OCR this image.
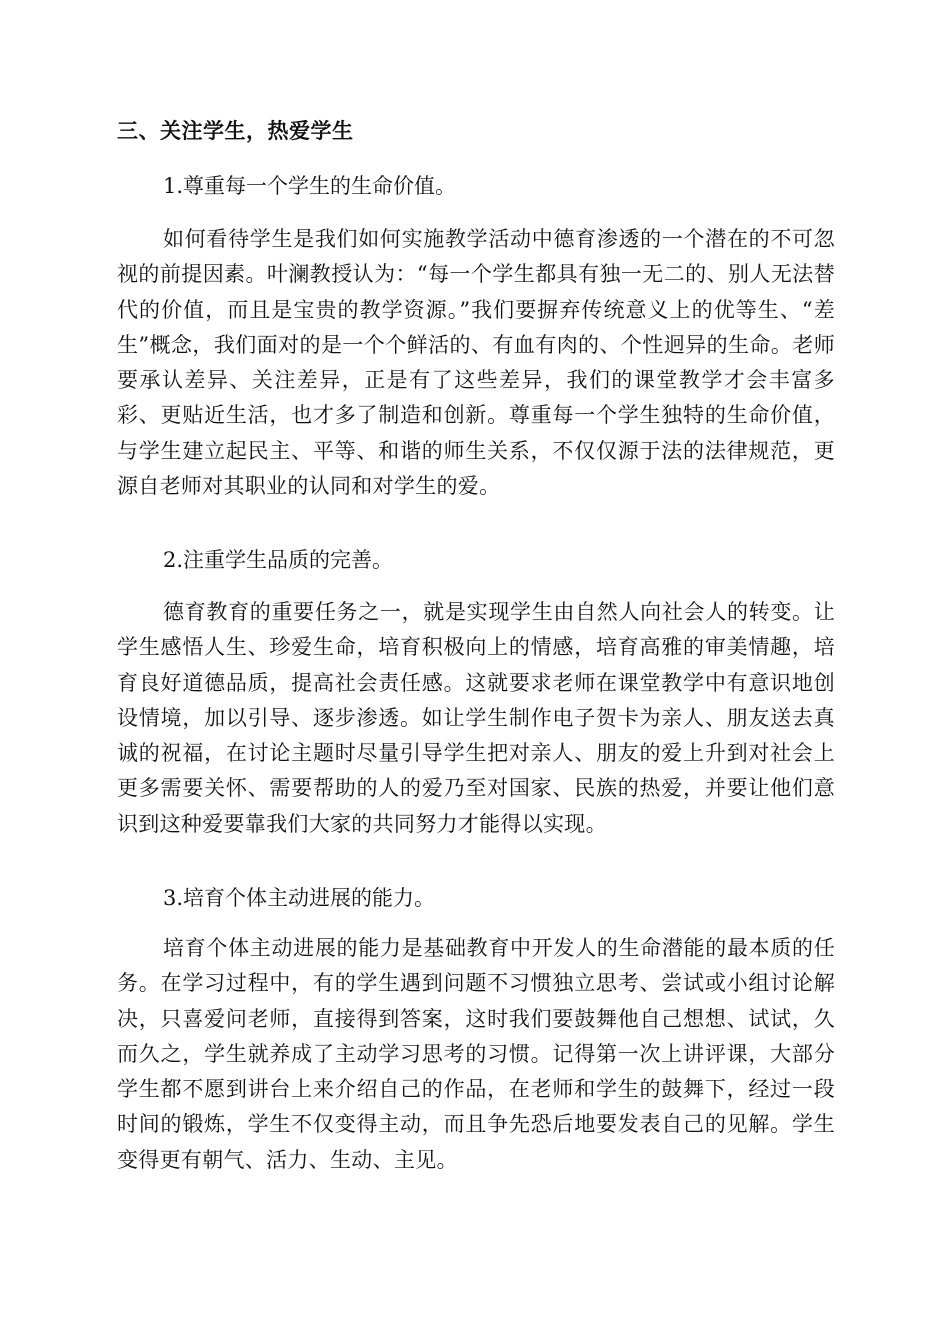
三、关注学生，热爱学生
1.尊重每一个学生的生命价值。

如何看待学生是我们如何实施教学活动中德育渗透的一个潜在的不可忽视的前提因素。叶澜教授认为：“每一个学生都具有独一无二的、别人无法替代的价值，而且是宝贵的教学资源。”我们要摒弃传统意义上的优等生、“差生”概念，我们面对的是一个个鲜活的、有血有肉的、个性迥异的生命。老师要承认差异、关注差异，正是有了这些差异，我们的课堂教学才会丰富多彩、更贴近生活，也才多了制造和创新。尊重每一个学生独特的生命价值，与学生建立起民主、平等、和谐的师生关系，不仅仅源于法的法律规范，更源自老师对其职业的认同和对学生的爱。

2.注重学生品质的完善。

德育教育的重要任务之一，就是实现学生由自然人向社会人的转变。让学生感悟人生、珍爱生命，培育积极向上的情感，培育高雅的审美情趣，培育良好道德品质，提高社会责任感。这就要求老师在课堂教学中有意识地创设情境，加以引导、逐步渗透。如让学生制作电子贺卡为亲人、朋友送去真诚的祝福，在讨论主题时尽量引导学生把对亲人、朋友的爱上升到对社会上更多需要关怀、需要帮助的人的爱乃至对国家、民族的热爱，并要让他们意识到这种爱要靠我们大家的共同努力才能得以实现。

3.培育个体主动进展的能力。

培育个体主动进展的能力是基础教育中开发人的生命潜能的最本质的任务。在学习过程中，有的学生遇到问题不习惯独立思考、尝试或小组讨论解决，只喜爱问老师，直接得到答案，这时我们要鼓舞他自己想想、试试，久而久之，学生就养成了主动学习思考的习惯。记得第一次上讲评课，大部分学生都不愿到讲台上来介绍自己的作品，在老师和学生的鼓舞下，经过一段时间的锻炼，学生不仅变得主动，而且争先恐后地要发表自己的见解。学生变得更有朝气、活力、生动、主见。
